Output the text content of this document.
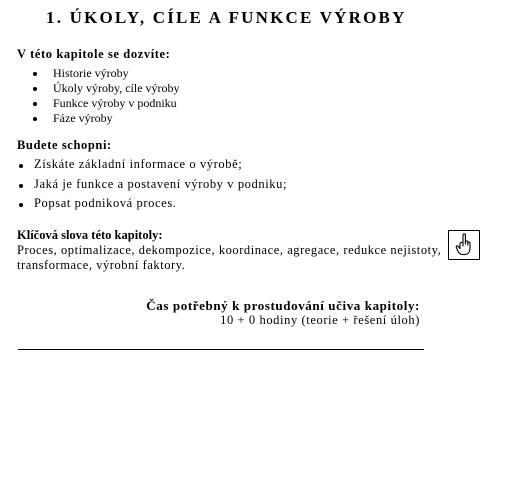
1. ÚKOLY, CÍLE A FUNKCE VÝROBY
V této kapitole se dozvíte:
Historie výroby
Úkoly výroby, cíle výroby
Funkce výroby v podniku
Fáze výroby
Budete schopni:
Získáte základní informace o výrobě;
Jaká je funkce a postavení výroby v podniku;
Popsat podniková proces.
Klíčová slova této kapitoly:
Proces, optimalizace, dekompozice, koordinace, agregace, redukce nejistoty, transformace, výrobní faktory.
Čas potřebný k prostudování učiva kapitoly:
10 + 0 hodiny (teorie + řešení úloh)
